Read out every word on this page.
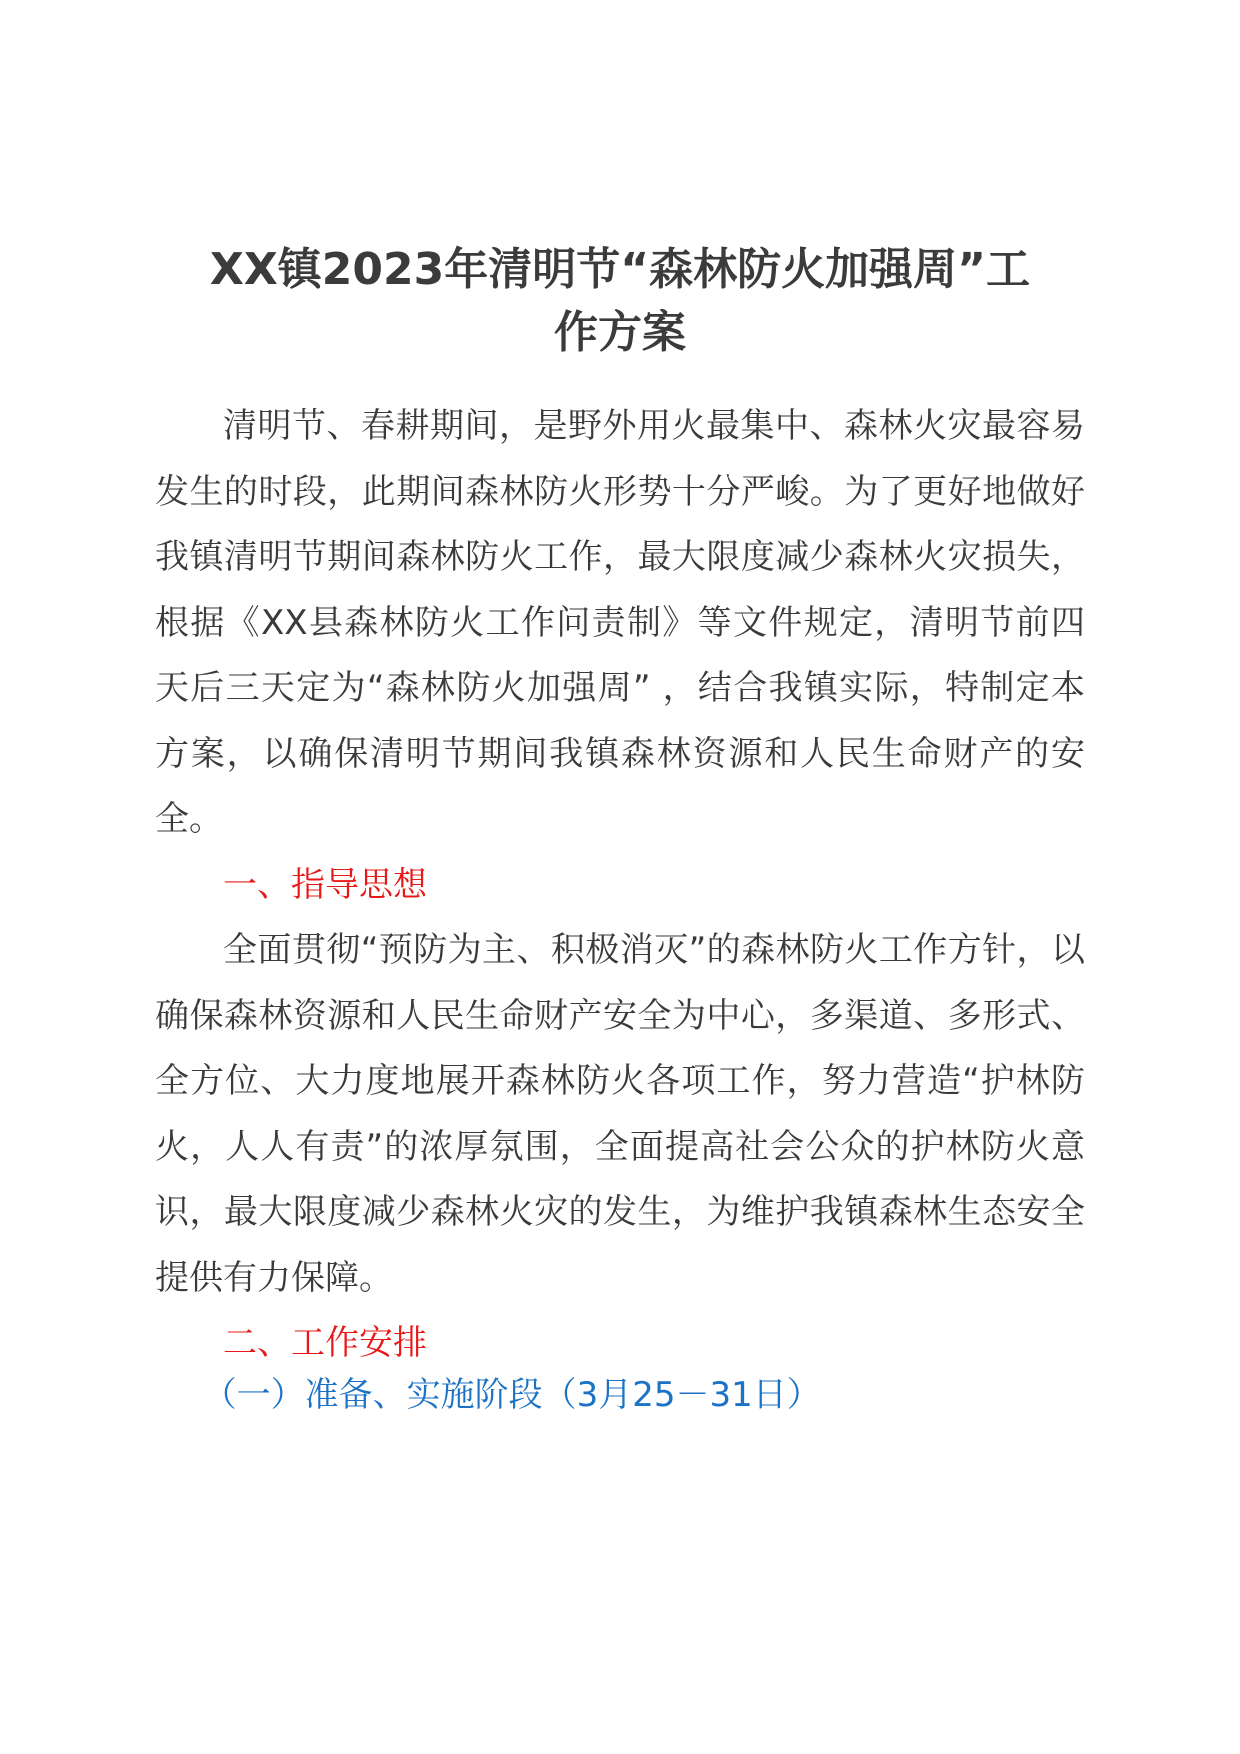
XX镇2023年清明节“森林防火加强周”工
作方案

清明节、春耕期间，是野外用火最集中、森林火灾最容易发生的时段，此期间森林防火形势十分严峻。为了更好地做好我镇清明节期间森林防火工作，最大限度减少森林火灾损失，根据《XX县森林防火工作问责制》等文件规定，清明节前四天后三天定为“森林防火加强周” ，结合我镇实际，特制定本方案，以确保清明节期间我镇森林资源和人民生命财产的安全。

一、指导思想

全面贯彻“预防为主、积极消灭”的森林防火工作方针，以确保森林资源和人民生命财产安全为中心，多渠道、多形式、全方位、大力度地展开森林防火各项工作，努力营造“护林防火，人人有责”的浓厚氛围，全面提高社会公众的护林防火意识，最大限度减少森林火灾的发生，为维护我镇森林生态安全提供有力保障。

二、工作安排

（一）准备、实施阶段（3月25－31日）
